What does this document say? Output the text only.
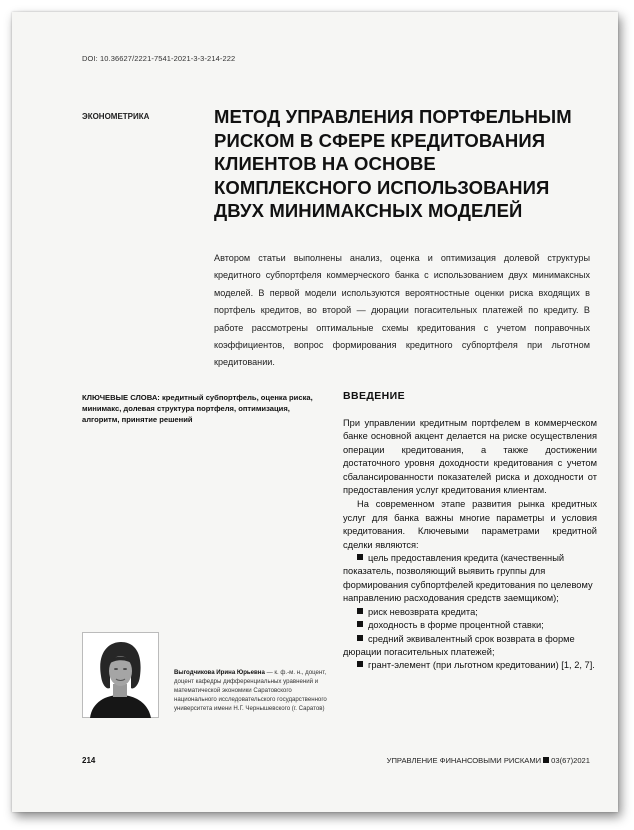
DOI: 10.36627/2221-7541-2021-3-3-214-222
ЭКОНОМЕТРИКА	МЕТОД УПРАВЛЕНИЯ ПОРТФЕЛЬНЫМ РИСКОМ В СФЕРЕ КРЕДИТОВАНИЯ КЛИЕНТОВ НА ОСНОВЕ КОМПЛЕКСНОГО ИСПОЛЬЗОВАНИЯ ДВУХ МИНИМАКСНЫХ МОДЕЛЕЙ
Автором статьи выполнены анализ, оценка и оптимизация долевой структуры кредитного субпортфеля коммерческого банка с использованием двух минимаксных моделей. В первой модели используются вероятностные оценки риска входящих в портфель кредитов, во второй — дюрации погасительных платежей по кредиту. В работе рассмотрены оптимальные схемы кредитования с учетом поправочных коэффициентов, вопрос формирования кредитного субпортфеля при льготном кредитовании.
КЛЮЧЕВЫЕ СЛОВА: кредитный субпортфель, оценка риска, минимакс, долевая структура портфеля, оптимизация, алгоритм, принятие решений
ВВЕДЕНИЕ

При управлении кредитным портфелем в коммерческом банке основной акцент делается на риске осуществления операции кредитования, а также достижении достаточного уровня доходности кредитования с учетом сбалансированности показателей риска и доходности от предоставления услуг кредитования клиентам.

На современном этапе развития рынка кредитных услуг для банка важны многие параметры и условия кредитования. Ключевыми параметрами кредитной сделки являются:

цель предоставления кредита (качественный показатель, позволяющий выявить группы для формирования субпортфелей кредитования по целевому направлению расходования средств заемщиком);
риск невозврата кредита;
доходность в форме процентной ставки;
средний эквивалентный срок возврата в форме дюрации погасительных платежей;
грант-элемент (при льготном кредитовании) [1, 2, 7].
Выгодчикова Ирина Юрьевна — к. ф.-м. н., доцент, доцент кафедры дифференциальных уравнений и математической экономики Саратовского национального исследовательского государственного университета имени Н.Г. Чернышевского (г. Саратов)
214	УПРАВЛЕНИЕ ФИНАНСОВЫМИ РИСКАМИ 03(67)2021
